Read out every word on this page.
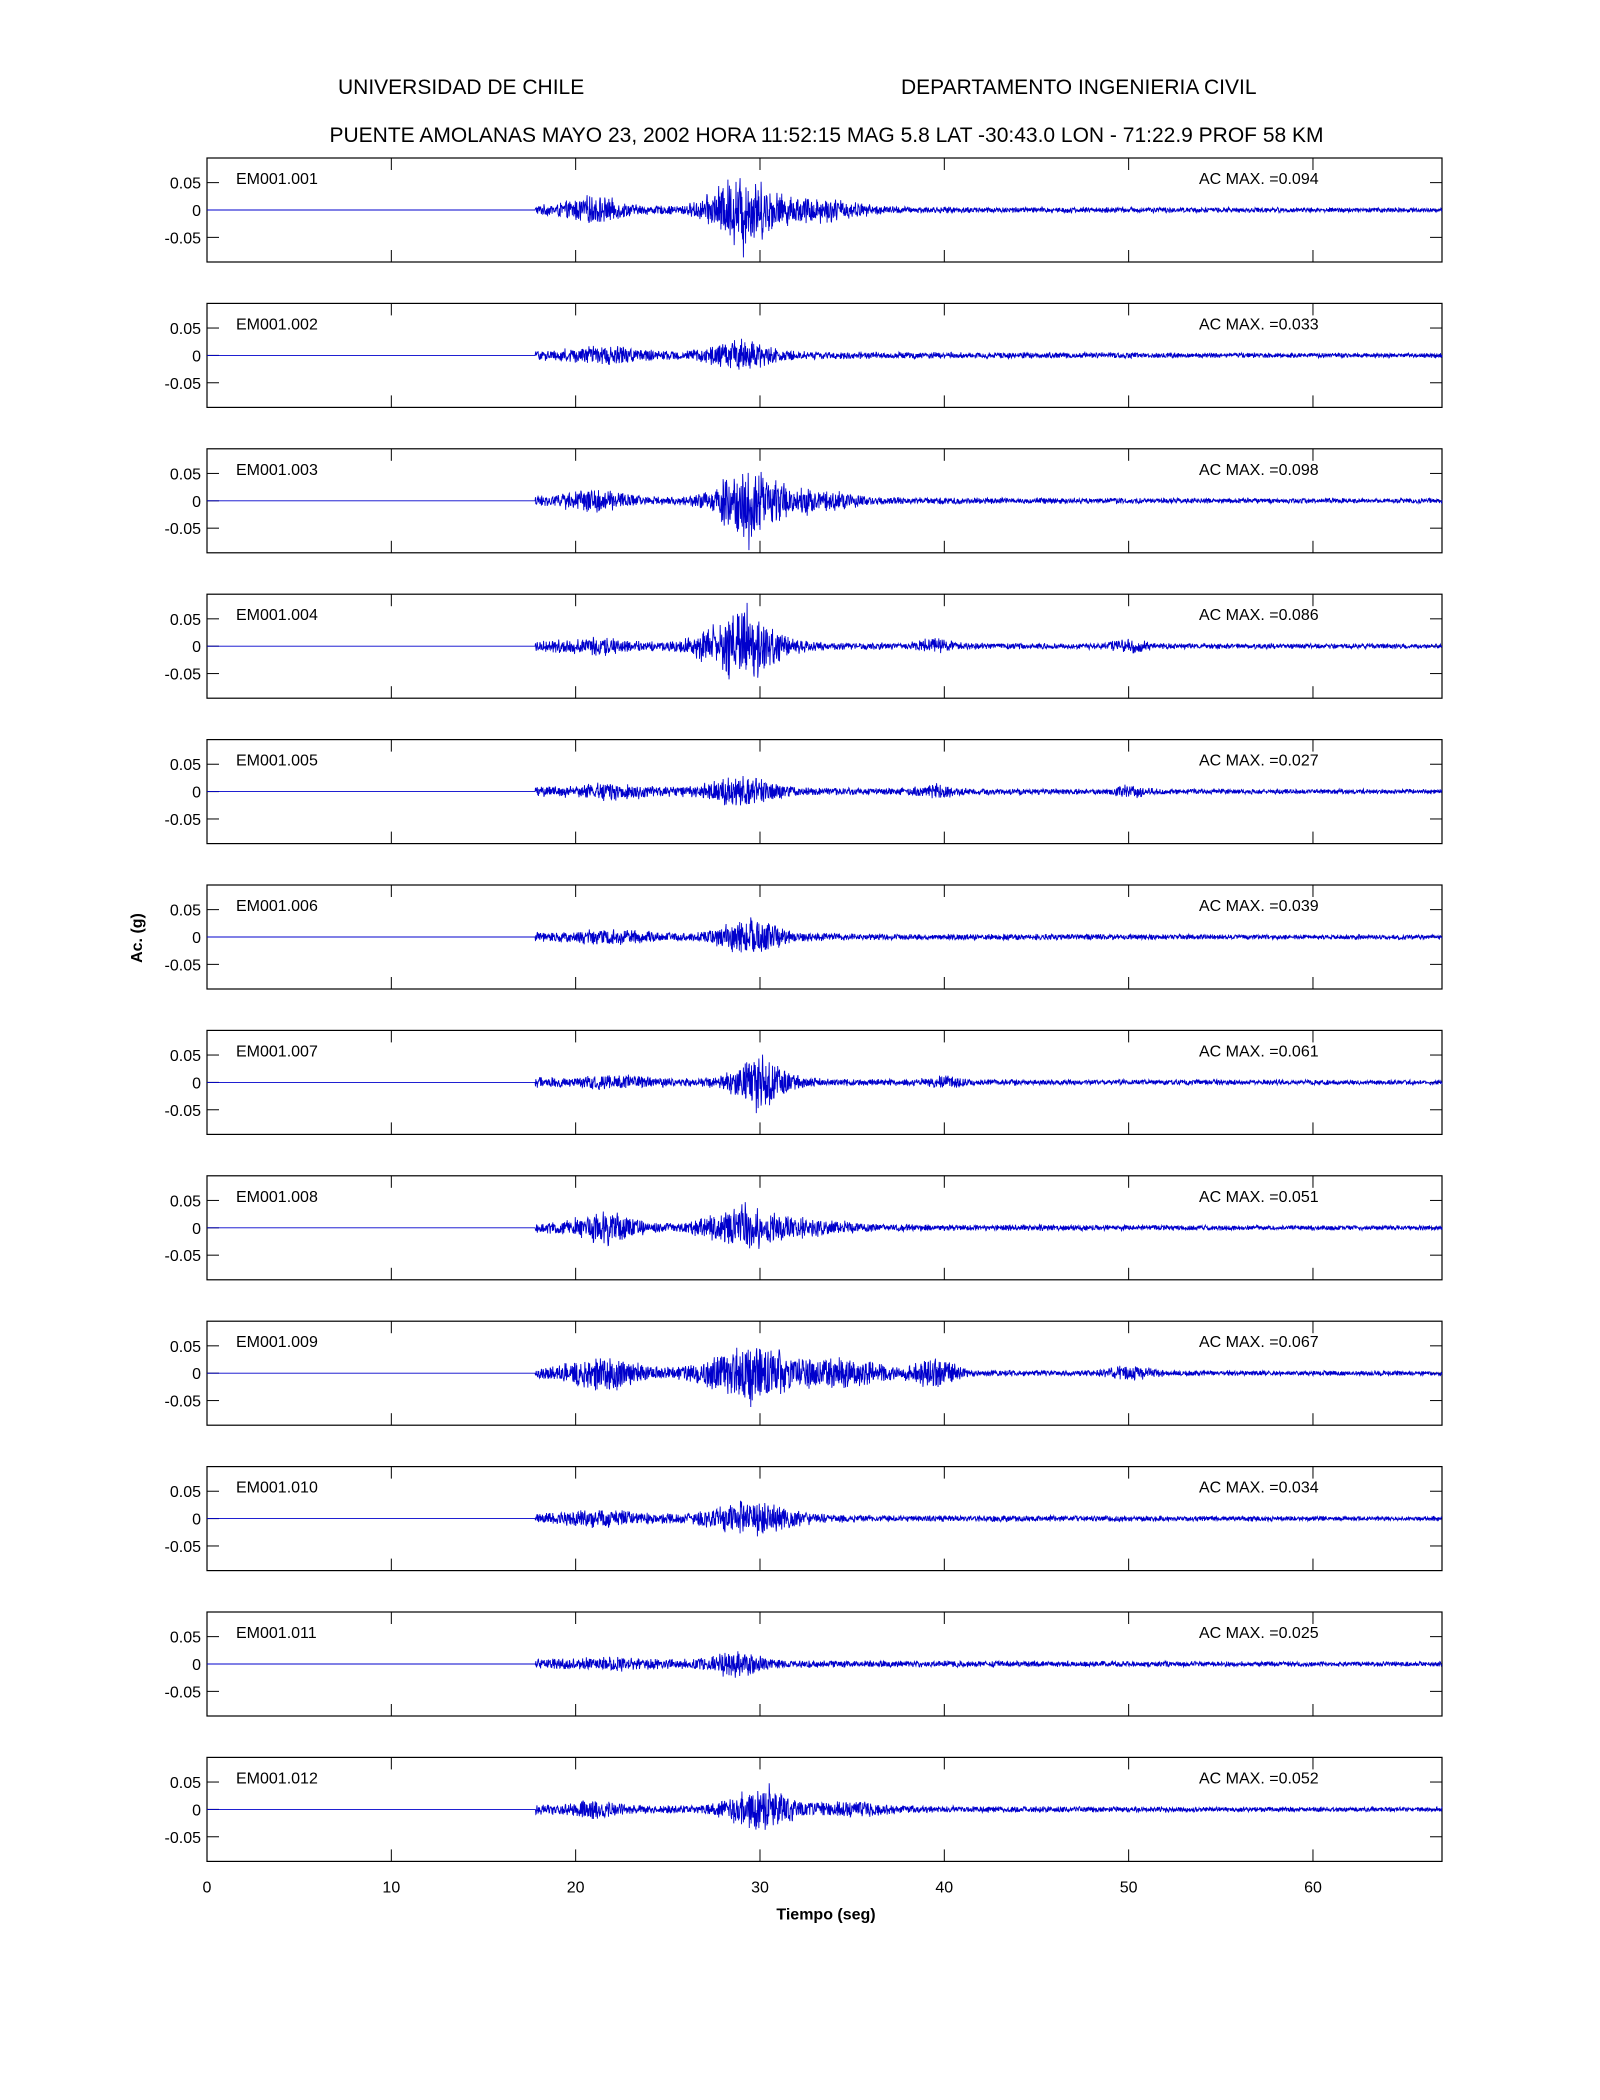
UNIVERSIDAD DE CHILE	DEPARTAMENTO INGENIERIA CIVIL
PUENTE AMOLANAS MAYO 23, 2002 HORA 11:52:15 MAG 5.8 LAT -30:43.0 LON - 71:22.9 PROF 58 KM
0.05
0
-0.05
EM001.001	AC MAX. =0.094
0.05
0
-0.05
EM001.002	AC MAX. =0.033
0.05
0
-0.05
EM001.003	AC MAX. =0.098
0.05
0
-0.05
EM001.004	AC MAX. =0.086
0.05
0
-0.05
EM001.005	AC MAX. =0.027
0.05
0
-0.05
EM001.006	AC MAX. =0.039
0.05
0
-0.05
EM001.007	AC MAX. =0.061
0.05
0
-0.05
EM001.008	AC MAX. =0.051
0.05
0
-0.05
EM001.009	AC MAX. =0.067
0.05
0
-0.05
EM001.010	AC MAX. =0.034
0.05
0
-0.05
EM001.011	AC MAX. =0.025
0.05
0
-0.05
EM001.012	AC MAX. =0.052
0	10	20	30	40	50	60
Tiempo (seg)
Ac. (g)
